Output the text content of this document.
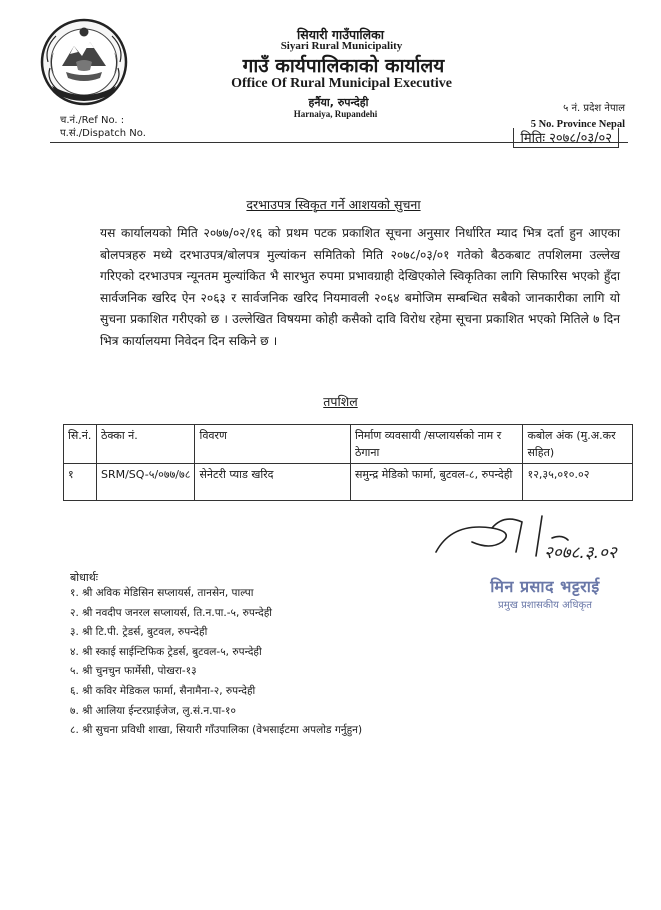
सियारी गाउँपालिका
Siyari Rural Municipality
गाउँ कार्यपालिकाको कार्यालय
Office Of Rural Municipal Executive
हर्नैया, रुपन्देही
Harnaiya, Rupandehi
च.नं./Ref No. :
प.सं./Dispatch No.
५ नं. प्रदेश नेपाल
5 No. Province Nepal
मितिः २०७८/०३/०२
दरभाउपत्र स्विकृत गर्ने आशयको सुचना
यस कार्यालयको मिति २०७७/०२/१६ को प्रथम पटक प्रकाशित सूचना अनुसार निर्धारित म्याद भित्र दर्ता हुन आएका बोलपत्रहरु मध्ये दरभाउपत्र/बोलपत्र मुल्यांकन समितिको मिति २०७८/०३/०१ गतेको बैठकबाट तपशिलमा उल्लेख गरिएको दरभाउपत्र न्यूनतम मुल्यांकित भै सारभुत रुपमा प्रभावग्राही देखिएकोले स्विकृतिका लागि सिफारिस भएको हुँदा सार्वजनिक खरिद ऐन २०६३ र सार्वजनिक खरिद नियमावली २०६४ बमोजिम सम्बन्धित सबैको जानकारीका लागि यो सुचना प्रकाशित गरीएको छ । उल्लेखित विषयमा कोही कसैको दावि विरोध रहेमा सूचना प्रकाशित भएको मितिले ७ दिन भित्र कार्यालयमा निवेदन दिन सकिने छ ।
तपशिल
सि.नं.	ठेक्का नं.	विवरण	निर्माण व्यवसायी /सप्लायर्सको नाम र ठेगाना	कबोल अंक (मु.अ.कर सहित)
१	SRM/SQ-५/०७७/७८	सेनेटरी प्याड खरिद	समुन्द्र मेडिको फार्मा, बुटवल-८, रुपन्देही	१२,३५,०१०.०२
२०७८.३.०२
मिन प्रसाद भट्टराई
प्रमुख प्रशासकीय अधिकृत
बोधार्थः
१. श्री अविक मेडिसिन सप्लायर्स, तानसेन, पाल्पा
२. श्री नवदीप जनरल सप्लायर्स, ति.न.पा.-५, रुपन्देही
३. श्री टि.पी. ट्रेडर्स, बुटवल, रुपन्देही
४. श्री स्काई साईन्टिफिक ट्रेडर्स, बुटवल-५, रुपन्देही
५. श्री चुनचुन फार्मेसी, पोखरा-१३
६. श्री कविर मेडिकल फार्मा, सैनामैना-२, रुपन्देही
७. श्री आलिया ईन्टरप्राईजेज, लु.सं.न.पा-१०
८. श्री सुचना प्रविधी शाखा, सियारी गाँउपालिका (वेभसाईटमा अपलोड गर्नुहुन)
